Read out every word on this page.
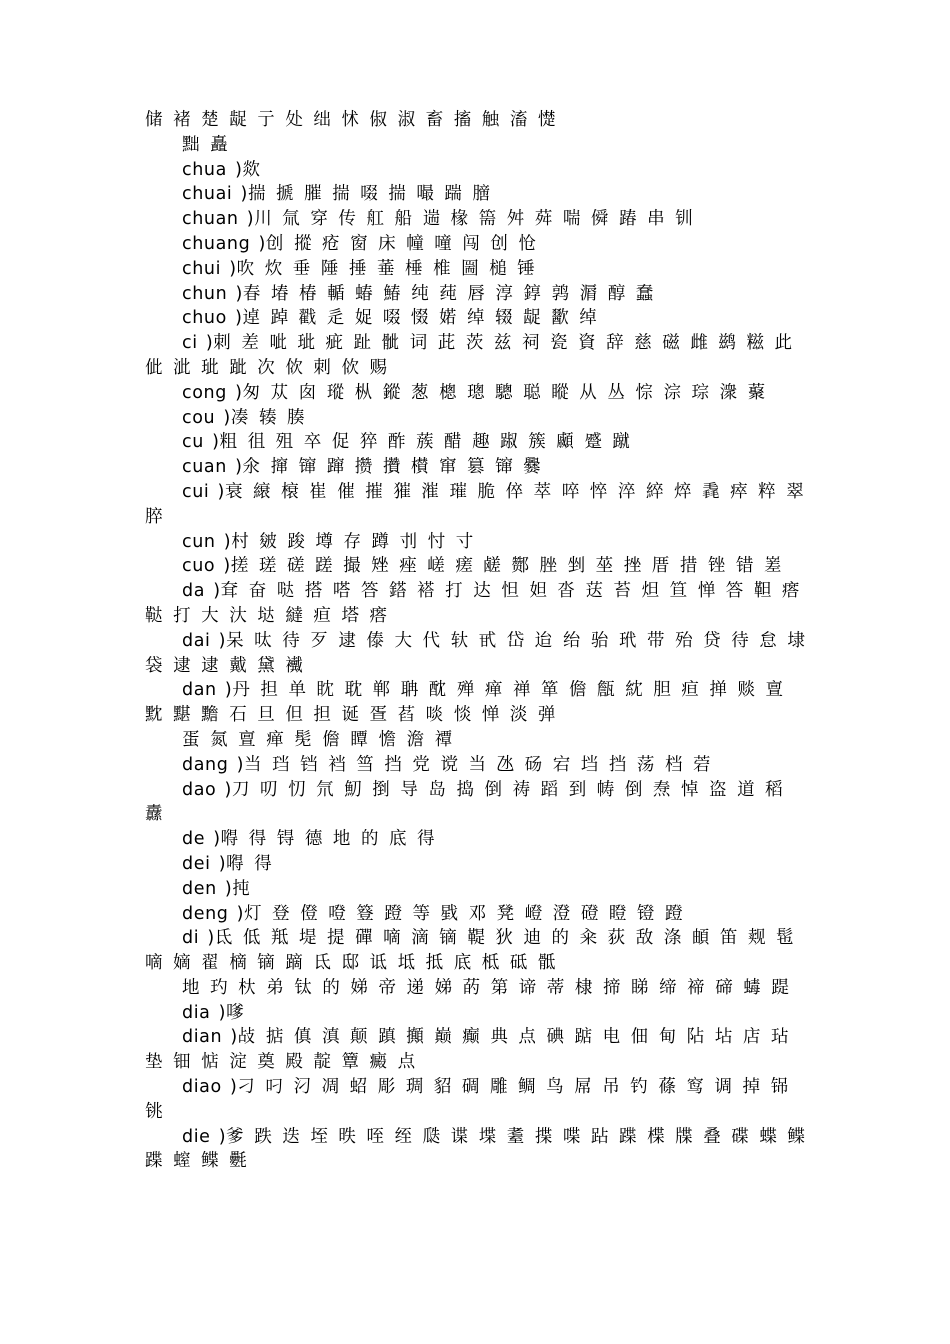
储 褚 楚 龊 亍 处 绌 怵 俶 淑 畜 搐 触 滀 憷
黜 矗
chua )欻
chuai )揣 搋 膗 揣 啜 揣 嘬 踹 膪
chuan )川 氚 穿 传 舡 船 遄 椽 篅 舛 荈 喘 僢 踳 串 钏
chuang )创 摐 疮 窗 床 幢 噇 闯 创 怆
chui )吹 炊 垂 陲 捶 菙 棰 椎 圌 槌 锤
chun )春 堾 椿 輴 蝽 鰆 纯 莼 唇 淳 錞 鹑 漘 醇 蠢
chuo )逴 踔 戳 辵 娖 啜 惙 婼 绰 辍 龊 歠 绰
ci )刺 差 呲 玼 疵 趾 骴 词 茈 茨 兹 祠 瓷 資 辞 慈 磁 雌 鹚 糍 此 佌 泚 玼 跐 次 佽 刺 佽 赐
cong )匆 苁 囱 瑽 枞 鏦 葱 樬 璁 驄 聪 瞛 从 丛 悰 淙 琮 潨 藂
cou )凑 辏 腠
cu )粗 徂 殂 卒 促 猝 酢 蔟 醋 趣 踧 簇 顣 蹙 蹴
cuan )氽 撺 镩 蹿 攒 攢 櫕 窜 篡 镩 爨
cui )衰 縗 榱 崔 催 摧 獕 漼 璀 脆 倅 萃 啐 悴 淬 綷 焠 毳 瘁 粹 翠 脺
cun )村 皴 踆 墫 存 蹲 刌 忖 寸
cuo )搓 瑳 磋 蹉 撮 矬 痤 嵯 瘥 鹾 酂 脞 剉 莝 挫 厝 措 锉 错 嵳
da )耷 奋 哒 搭 嗒 答 鎝 褡 打 达 怛 妲 沓 荙 苔 炟 笪 惮 答 靼 瘩 鞑 打 大 汏 垯 繨 疸 塔 瘩
dai )呆 呔 待 歹 逮 傣 大 代 轪 甙 岱 迨 绐 骀 玳 带 殆 贷 待 怠 埭 袋 逮 逮 戴 黛 襶
dan )丹 担 单 眈 耽 郸 聃 酖 殚 瘅 禅 箪 儋 甔 紞 胆 疸 掸 赕 亶 黕 黮 黵 石 旦 但 担 诞 疍 萏 啖 惔 惮 淡 弹
蛋 氮 亶 瘅 髧 儋 瞫 憺 澹 禫
dang )当 珰 铛 裆 筜 挡 党 谠 当 氹 砀 宕 垱 挡 荡 档 菪
dao )刀 叨 忉 氘 魛 捯 导 岛 捣 倒 祷 蹈 到 帱 倒 焘 悼 盗 道 稻 纛
de )嘚 得 锝 德 地 的 底 得
dei )嘚 得
den )扽
deng )灯 登 僜 噔 簦 蹬 等 戥 邓 凳 嶝 澄 磴 瞪 镫 蹬
di )氐 低 羝 堤 提 磾 嘀 滴 镝 鞮 狄 迪 的 籴 荻 敌 涤 頔 笛 觌 髢 嘀 嫡 翟 樀 镝 蹢 氐 邸 诋 坻 抵 底 柢 砥 骶
地 玓 杕 弟 钛 的 娣 帝 递 娣 菂 第 谛 蒂 棣 揥 睇 缔 禘 碲 蝳 踶
dia )嗲
dian )敁 掂 傎 滇 颠 蹎 攧 巅 癫 典 点 碘 踮 电 佃 甸 阽 坫 店 玷 垫 钿 惦 淀 奠 殿 靛 簟 癜 点
diao )刁 叼 汈 凋 蛁 彫 琱 貂 碉 雕 鲷 鸟 屌 吊 钓 蓧 窎 调 掉 铞 铫
die )爹 跌 迭 垤 昳 咥 绖 瓞 谍 堞 耋 揲 喋 跕 蹀 楪 牒 叠 碟 蝶 鲽 蹀 螲 鲽 氎
